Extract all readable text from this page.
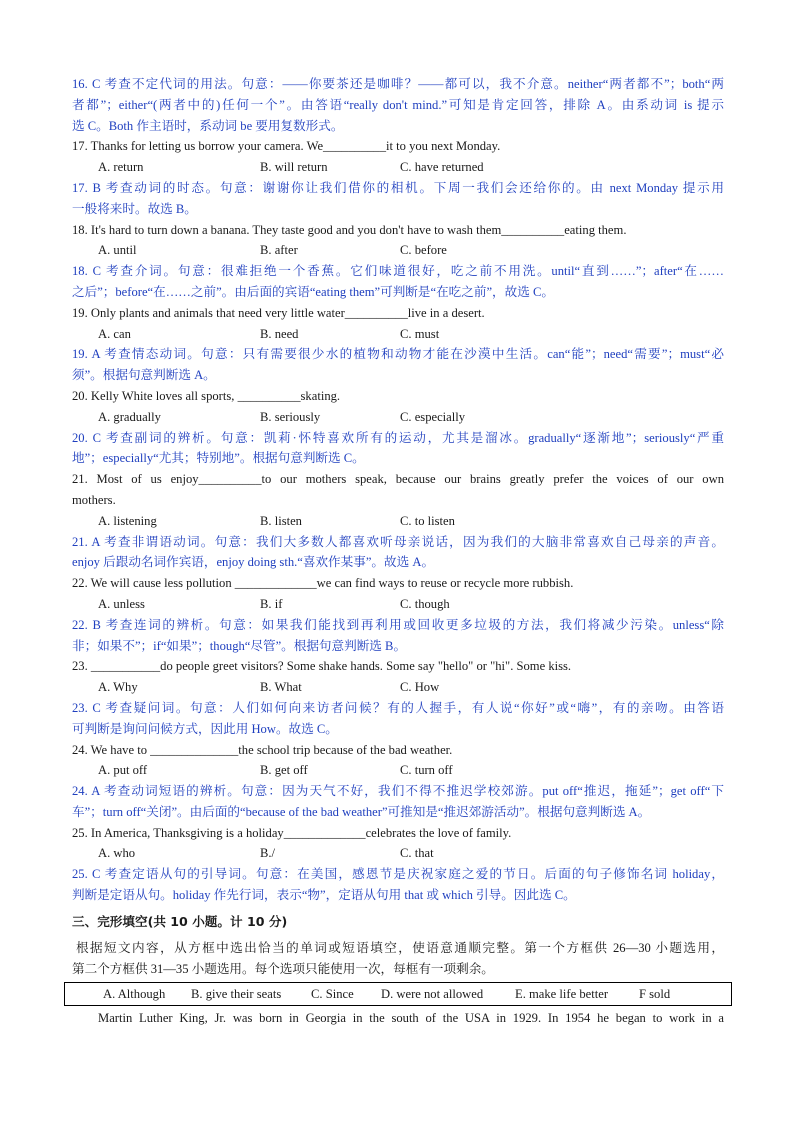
16. C 考查不定代词的用法。句意：——你要茶还是咖啡？——都可以，我不介意。neither“两者都不”；both“两
者都”；either“(两者中的)任何一个”。由答语“really don't mind.”可知是肯定回答，排除 A。由系动词 is 提示
选 C。Both 作主语时，系动词 be 要用复数形式。
17. Thanks for letting us borrow your camera. We__________it to you next Monday.
A. return	B. will return	C. have returned
17. B 考查动词的时态。句意：谢谢你让我们借你的相机。下周一我们会还给你的。由 next Monday 提示用
一般将来时。故选 B。
18. It's hard to turn down a banana. They taste good and you don't have to wash them__________eating them.
A. until	B. after	C. before
18. C 考查介词。句意：很难拒绝一个香蕉。它们味道很好，吃之前不用洗。until“直到……”；after“在……
之后”；before“在……之前”。由后面的宾语“eating them”可判断是“在吃之前”，故选 C。
19. Only plants and animals that need very little water__________live in a desert.
A. can	B. need	C. must
19. A 考查情态动词。句意：只有需要很少水的植物和动物才能在沙漠中生活。can“能”；need“需要”；must“必
须”。根据句意判断选 A。
20. Kelly White loves all sports, __________skating.
A. gradually	B. seriously	C. especially
20. C 考查副词的辨析。句意：凯莉·怀特喜欢所有的运动，尤其是溜冰。gradually“逐渐地”；seriously“严重
地”；especially“尤其；特别地”。根据句意判断选 C。
21. Most of us enjoy__________to our mothers speak, because our brains greatly prefer the voices of our own
mothers.
A. listening	B. listen	C. to listen
21. A 考查非谓语动词。句意：我们大多数人都喜欢听母亲说话，因为我们的大脑非常喜欢自己母亲的声音。
enjoy 后跟动名词作宾语，enjoy doing sth.“喜欢作某事”。故选 A。
22. We will cause less pollution _____________we can find ways to reuse or recycle more rubbish.
A. unless	B. if	C. though
22. B 考查连词的辨析。句意：如果我们能找到再利用或回收更多垃圾的方法，我们将减少污染。unless“除
非；如果不”；if“如果”；though“尽管”。根据句意判断选 B。
23. ___________do people greet visitors? Some shake hands. Some say "hello" or "hi". Some kiss.
A. Why	B. What	C. How
23. C 考查疑问词。句意：人们如何向来访者问候？有的人握手，有人说“你好”或“嗨”，有的亲吻。由答语
可判断是询问问候方式，因此用 How。故选 C。
24. We have to ______________the school trip because of the bad weather.
A. put off	B. get off	C. turn off
24. A 考查动词短语的辨析。句意：因为天气不好，我们不得不推迟学校郊游。put off“推迟，拖延”；get off“下
车”；turn off“关闭”。由后面的“because of the bad weather”可推知是“推迟郊游活动”。根据句意判断选 A。
25. In America, Thanksgiving is a holiday_____________celebrates the love of family.
A. who	B./	C. that
25. C 考查定语从句的引导词。句意：在美国，感恩节是庆祝家庭之爱的节日。后面的句子修饰名词 holiday，
判断是定语从句。holiday 作先行词，表示“物”，定语从句用 that 或 which 引导。因此选 C。
三、完形填空(共 10 小题。计 10 分)
根据短文内容，从方框中选出恰当的单词或短语填空，使语意通顺完整。第一个方框供 26—30 小题选用，
第二个方框供 31—35 小题选用。每个选项只能使用一次，每框有一项剩余。
A. Although B. give their seats C. Since D. were not allowed	E. make life better F sold
Martin Luther King, Jr. was born in Georgia in the south of the USA in 1929. In 1954 he began to work in a
